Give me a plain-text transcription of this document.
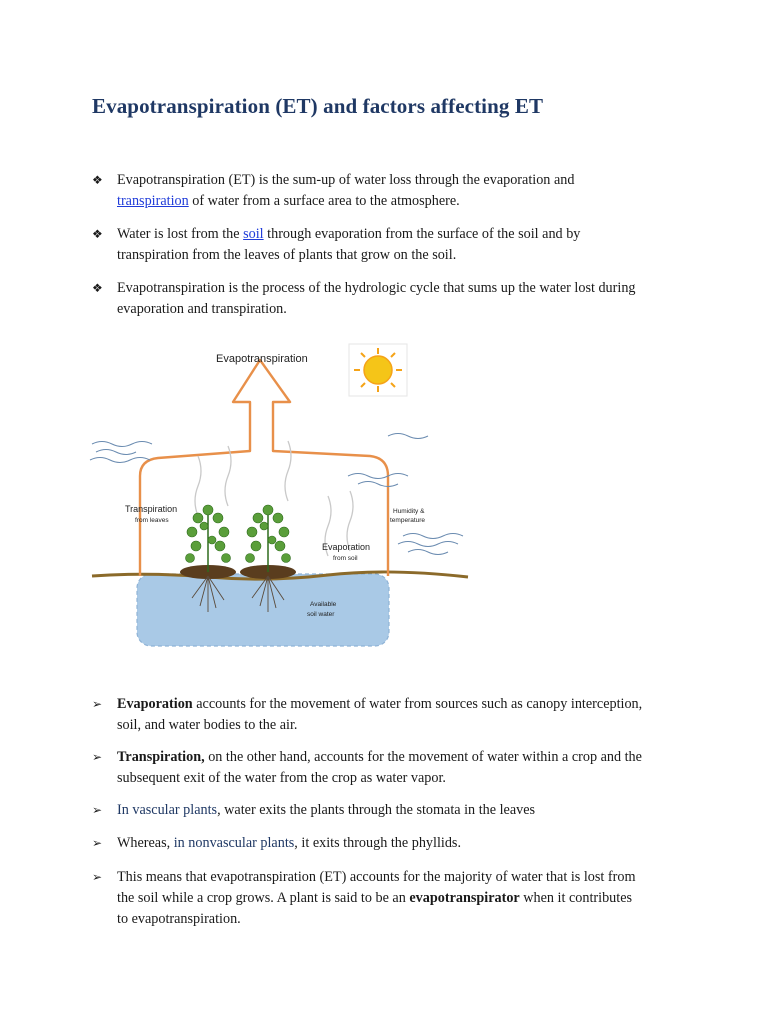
Evapotranspiration (ET) and factors affecting ET
❖ Evapotranspiration (ET) is the sum-up of water loss through the evaporation and
transpiration of water from a surface area to the atmosphere.
❖ Water is lost from the soil through evaporation from the surface of the soil and by
transpiration from the leaves of plants that grow on the soil.
❖ Evapotranspiration is the process of the hydrologic cycle that sums up the water lost during
evaporation and transpiration.
Evapotranspiration
Transpiration
from leaves
Humidity &
temperature
Evaporation
from soil
Available
soil water
➢ Evaporation accounts for the movement of water from sources such as canopy interception,
soil, and water bodies to the air.
➢ Transpiration, on the other hand, accounts for the movement of water within a crop and the
subsequent exit of the water from the crop as water vapor.
➢ In vascular plants, water exits the plants through the stomata in the leaves
➢ Whereas, in nonvascular plants, it exits through the phyllids.
➢ This means that evapotranspiration (ET) accounts for the majority of water that is lost from
the soil while a crop grows. A plant is said to be an evapotranspirator when it contributes
to evapotranspiration.
